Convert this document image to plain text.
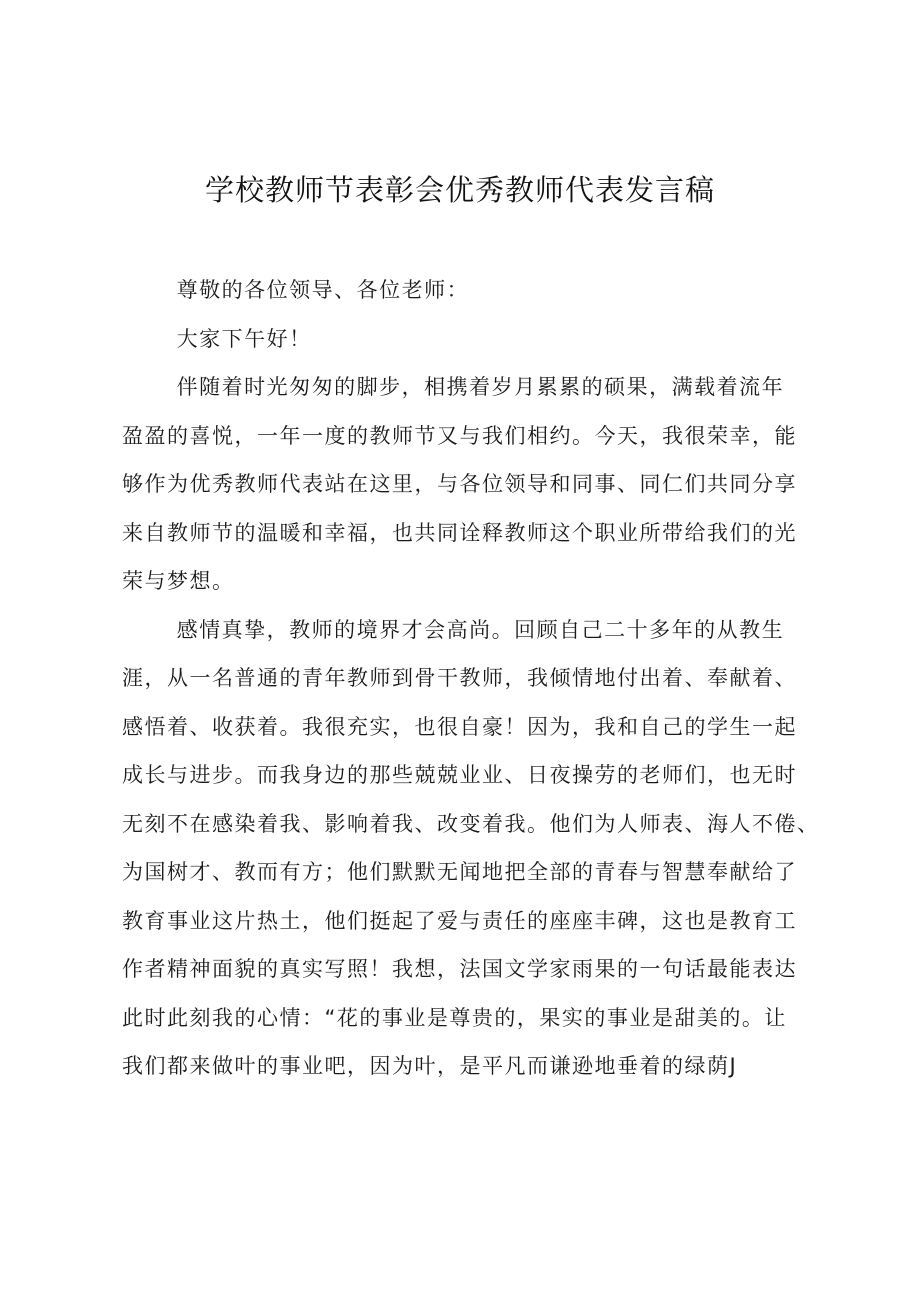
学校教师节表彰会优秀教师代表发言稿

尊敬的各位领导、各位老师：

大家下午好！

伴随着时光匆匆的脚步，相携着岁月累累的硕果，满载着流年
盈盈的喜悦，一年一度的教师节又与我们相约。今天，我很荣幸，能
够作为优秀教师代表站在这里，与各位领导和同事、同仁们共同分享
来自教师节的温暖和幸福，也共同诠释教师这个职业所带给我们的光
荣与梦想。

感情真挚，教师的境界才会高尚。回顾自己二十多年的从教生
涯，从一名普通的青年教师到骨干教师，我倾情地付出着、奉献着、
感悟着、收获着。我很充实，也很自豪！因为，我和自己的学生一起
成长与进步。而我身边的那些兢兢业业、日夜操劳的老师们，也无时
无刻不在感染着我、影响着我、改变着我。他们为人师表、海人不倦、
为国树才、教而有方；他们默默无闻地把全部的青春与智慧奉献给了
教育事业这片热土，他们挺起了爱与责任的座座丰碑，这也是教育工
作者精神面貌的真实写照！我想，法国文学家雨果的一句话最能表达
此时此刻我的心情：“花的事业是尊贵的，果实的事业是甜美的。让
我们都来做叶的事业吧，因为叶，是平凡而谦逊地垂着的绿荫J
